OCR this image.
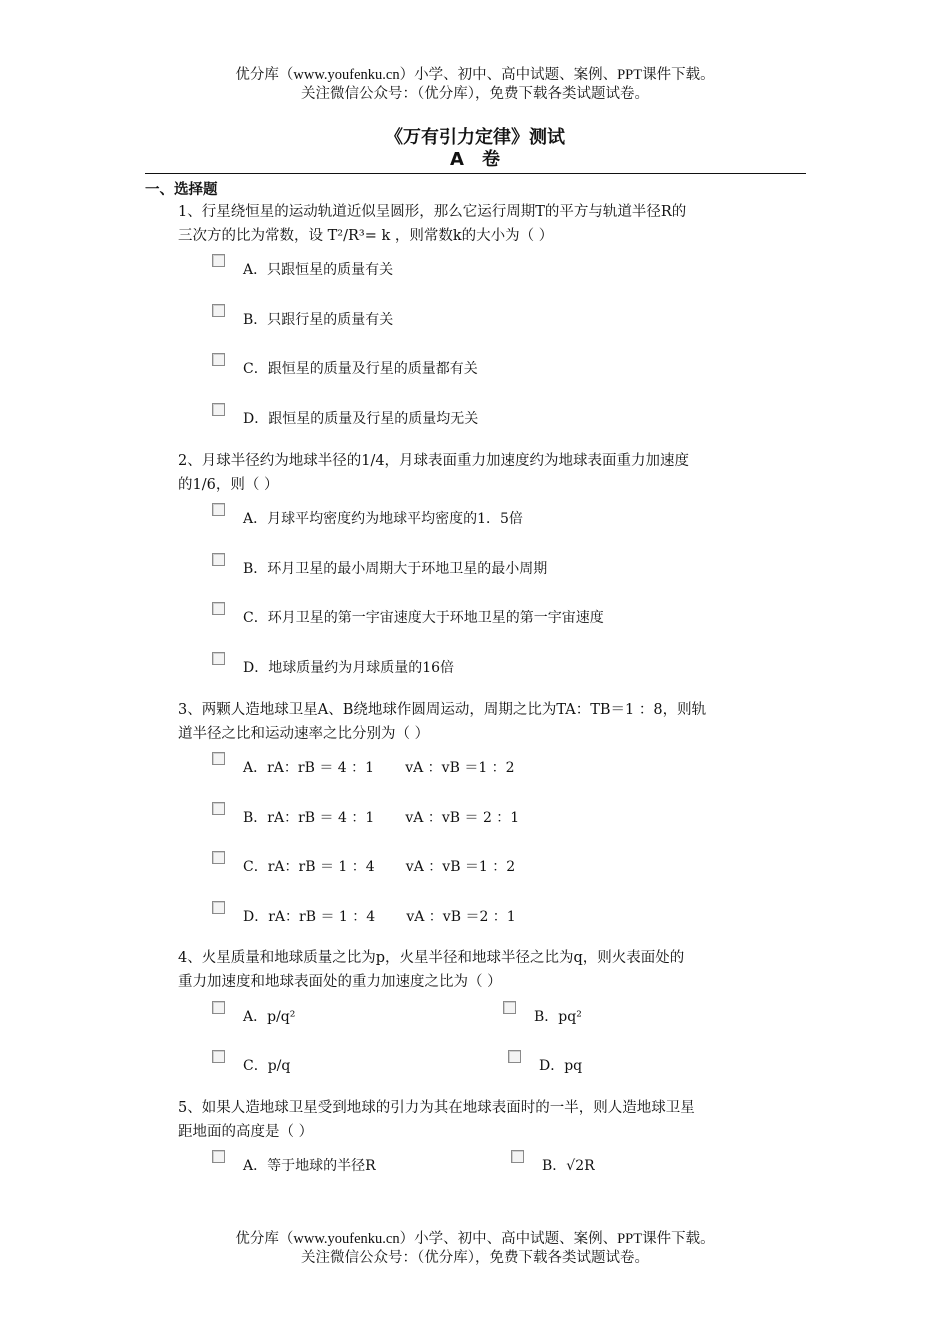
优分库（www.youfenku.cn）小学、初中、高中试题、案例、PPT课件下载。
关注微信公众号：（优分库），免费下载各类试题试卷。
《万有引力定律》测试
A　卷
一、选择题
1、行星绕恒星的运动轨道近似呈圆形，那么它运行周期T的平方与轨道半径R的
三次方的比为常数，设 T²/R³= k ，则常数k的大小为（ ）
A．只跟恒星的质量有关
B．只跟行星的质量有关
C．跟恒星的质量及行星的质量都有关
D．跟恒星的质量及行星的质量均无关
2、月球半径约为地球半径的1/4，月球表面重力加速度约为地球表面重力加速度
的1/6，则（ ）
A．月球平均密度约为地球平均密度的1．5倍
B．环月卫星的最小周期大于环地卫星的最小周期
C．环月卫星的第一宇宙速度大于环地卫星的第一宇宙速度
D．地球质量约为月球质量的16倍
3、两颗人造地球卫星A、B绕地球作圆周运动，周期之比为TA：TB＝1 ：8，则轨
道半径之比和运动速率之比分别为（ ）
A．rA：rB ＝ 4 ：1       vA ：vB ＝1 ：2
B．rA：rB ＝ 4 ：1       vA ：vB ＝ 2 ：1
C．rA：rB ＝ 1 ：4       vA ：vB ＝1 ：2
D．rA：rB ＝ 1 ：4       vA ：vB ＝2 ：1
4、火星质量和地球质量之比为p，火星半径和地球半径之比为q，则火表面处的
重力加速度和地球表面处的重力加速度之比为（ ）
A．p/q²	B．pq²
C．p/q	D．pq
5、如果人造地球卫星受到地球的引力为其在地球表面时的一半，则人造地球卫星
距地面的高度是（ ）
A．等于地球的半径R	B．√2R
优分库（www.youfenku.cn）小学、初中、高中试题、案例、PPT课件下载。
关注微信公众号：（优分库），免费下载各类试题试卷。
